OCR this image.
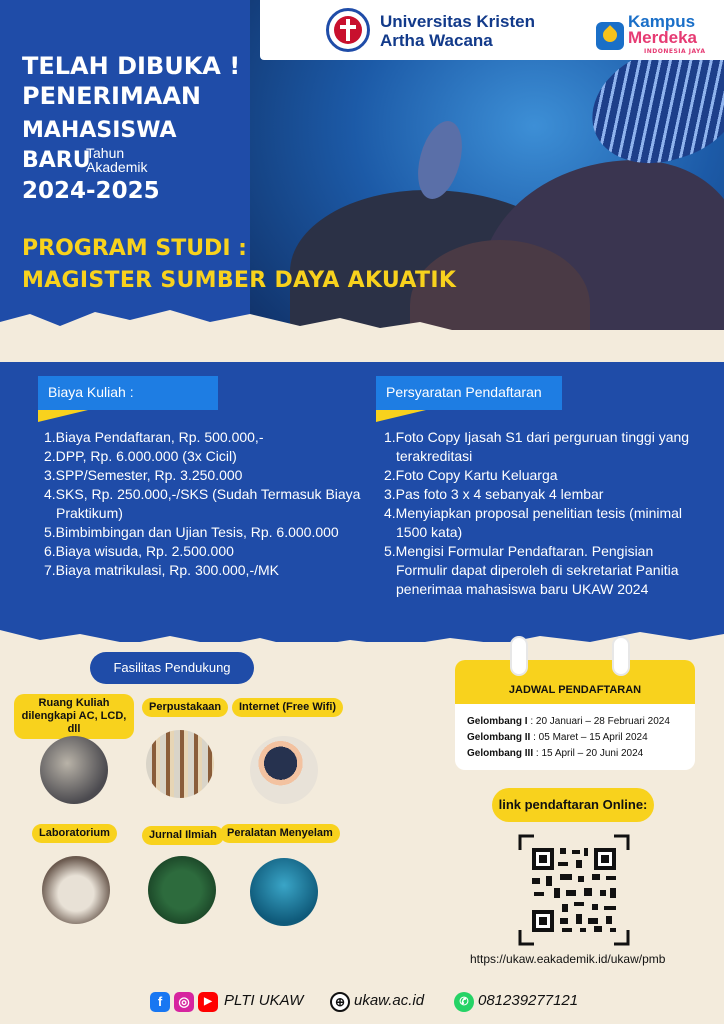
Universitas Kristen
Artha Wacana
Kampus
Merdeka
INDONESIA JAYA
TELAH DIBUKA !
PENERIMAAN
MAHASISWA
BARU
Tahun
Akademik
2024-2025
PROGRAM STUDI :
MAGISTER SUMBER DAYA AKUATIK
Biaya Kuliah :
1.Biaya Pendaftaran, Rp. 500.000,-
2.DPP, Rp. 6.000.000 (3x Cicil)
3.SPP/Semester, Rp. 3.250.000
4.SKS, Rp. 250.000,-/SKS (Sudah Termasuk Biaya Praktikum)
5.Bimbimbingan dan Ujian Tesis, Rp. 6.000.000
6.Biaya wisuda, Rp. 2.500.000
7.Biaya matrikulasi, Rp. 300.000,-/MK
Persyaratan Pendaftaran
1.Foto Copy Ijasah S1 dari perguruan tinggi yang terakreditasi
2.Foto Copy Kartu Keluarga
3.Pas foto 3 x 4 sebanyak 4 lembar
4.Menyiapkan proposal penelitian tesis (minimal 1500 kata)
5.Mengisi Formular Pendaftaran. Pengisian Formulir dapat diperoleh di sekretariat Panitia penerimaa mahasiswa baru UKAW 2024
Fasilitas Pendukung
Ruang Kuliah dilengkapi AC, LCD, dll
Perpustakaan	Internet (Free Wifi)
Laboratorium	Jurnal Ilmiah Peralatan Menyelam
JADWAL PENDAFTARAN
Gelombang I : 20 Januari – 28 Februari 2024
Gelombang II : 05 Maret – 15 April 2024
Gelombang III : 15 April – 20 Juni 2024
link pendaftaran Online:
https://ukaw.eakademik.id/ukaw/pmb
f	◎	▶ PLTI UKAW	⊕ ukaw.ac.id	✆ 081239277121
